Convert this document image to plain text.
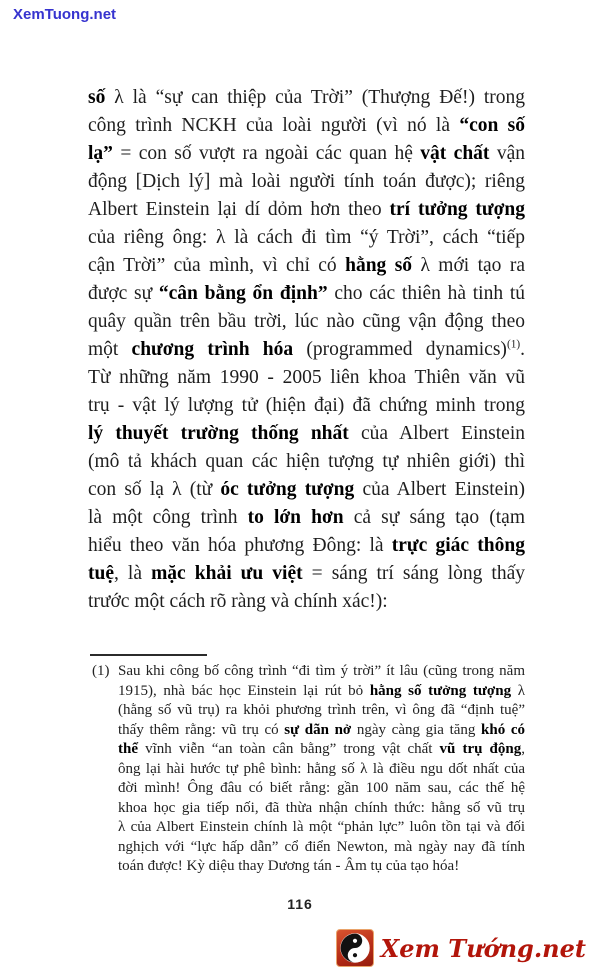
XemTuong.net
số λ là “sự can thiệp của Trời” (Thượng Đế!) trong
công trình NCKH của loài người (vì nó là “con số
lạ” = con số vượt ra ngoài các quan hệ vật chất vận
động [Dịch lý] mà loài người tính toán được); riêng
Albert Einstein lại dí dỏm hơn theo trí tưởng tượng
của riêng ông: λ là cách đi tìm “ý Trời”, cách “tiếp
cận Trời” của mình, vì chỉ có hằng số λ mới tạo ra
được sự “cân bằng ổn định” cho các thiên hà tinh tú
quây quần trên bầu trời, lúc nào cũng vận động theo
một chương trình hóa (programmed dynamics)$^{(1)}$.
Từ những năm 1990 - 2005 liên khoa Thiên văn vũ
trụ - vật lý lượng tử (hiện đại) đã chứng minh trong
lý thuyết trường thống nhất của Albert Einstein
(mô tả khách quan các hiện tượng tự nhiên giới) thì
con số lạ λ (từ óc tưởng tượng của Albert Einstein)
là một công trình to lớn hơn cả sự sáng tạo (tạm
hiểu theo văn hóa phương Đông: là trực giác thông
tuệ, là mặc khải ưu việt = sáng trí sáng lòng thấy
trước một cách rõ ràng và chính xác!):
(1) Sau khi công bố công trình “đi tìm ý trời” ít lâu (cũng trong năm
1915), nhà bác học Einstein lại rút bỏ hằng số tưởng tượng λ
(hằng số vũ trụ) ra khỏi phương trình trên, vì ông đã “định tuệ”
thấy thêm rằng: vũ trụ có sự dãn nở ngày càng gia tăng khó có
thể vĩnh viễn “an toàn cân bằng” trong vật chất vũ trụ động,
ông lại hài hước tự phê bình: hằng số λ là điều ngu dốt nhất của
đời mình! Ông đâu có biết rằng: gần 100 năm sau, các thế hệ
khoa học gia tiếp nối, đã thừa nhận chính thức: hằng số vũ trụ
λ của Albert Einstein chính là một “phản lực” luôn tồn tại và đối
nghịch với “lực hấp dẫn” cổ điển Newton, mà ngày nay đã tính
toán được! Kỳ diệu thay Dương tán - Âm tụ của tạo hóa!
116
Xem Tướng.net
